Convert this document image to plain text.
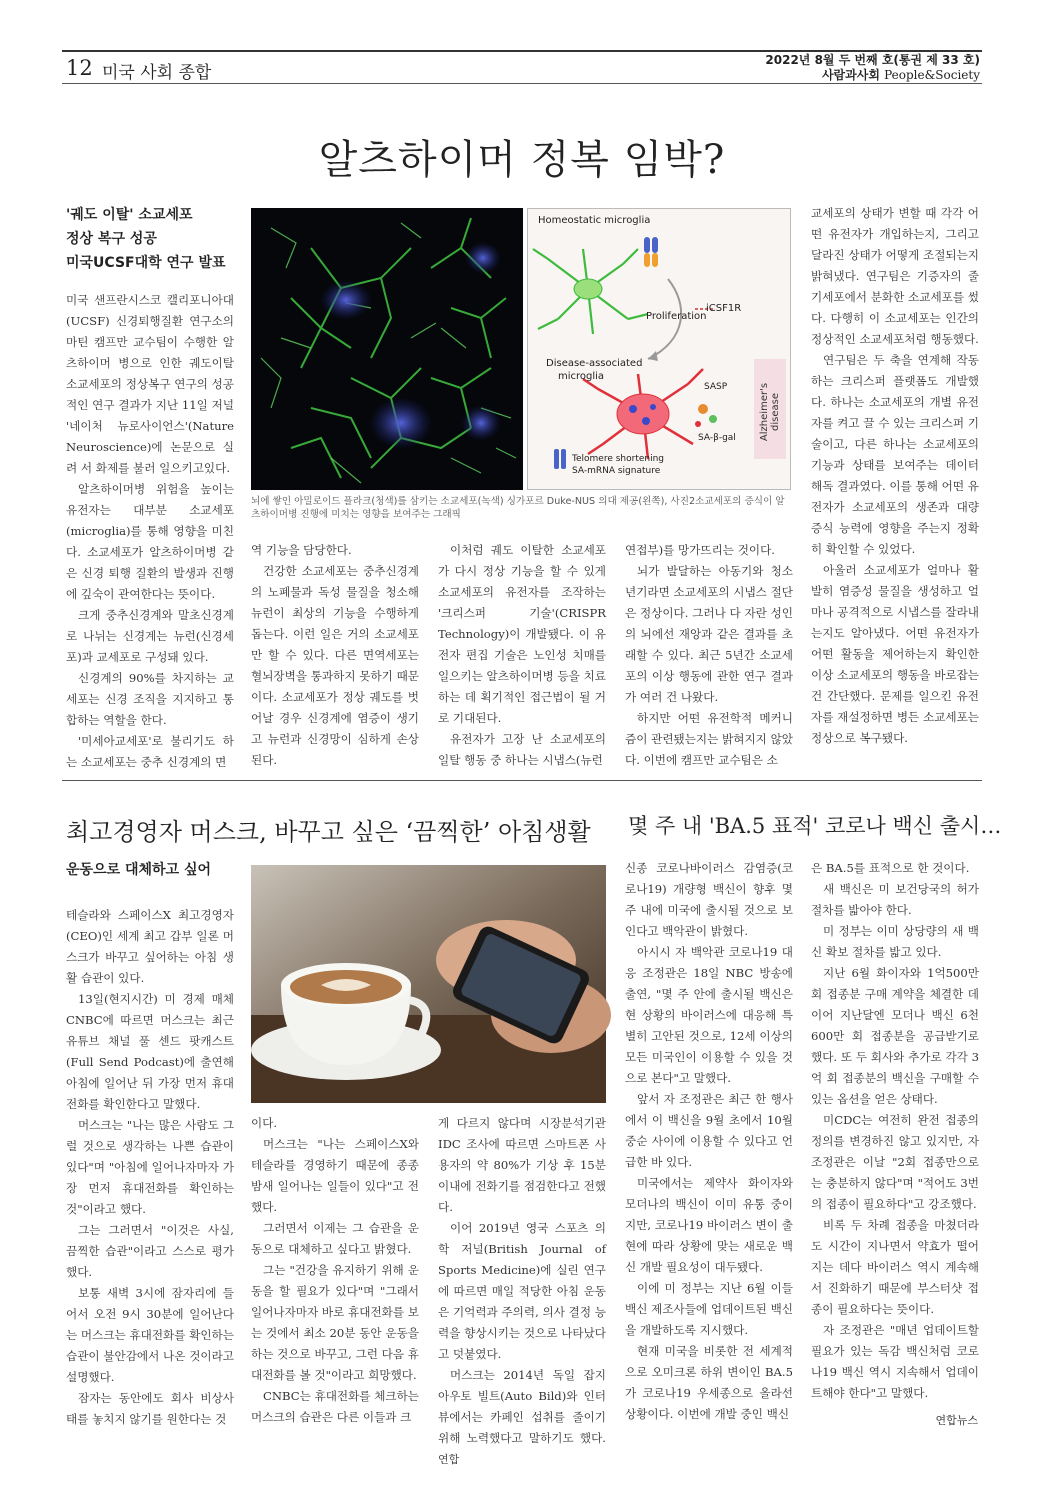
12 미국 사회 종합
2022년 8월 두 번째 호(통권 제 33 호)
사람과사회 People&Society
알츠하이머 정복 임박?
'궤도 이탈' 소교세포
정상 복구 성공
미국UCSF대학 연구 발표

미국 샌프란시스코 캘리포니아대(UCSF) 신경퇴행질환 연구소의 마틴 캠프만 교수팀이 수행한 알츠하이머 병으로 인한 궤도이탈 소교세포의 정상복구 연구의 성공 적인 연구 결과가 지난 11일 저널 '네이처 뉴로사이언스'(Nature Neuroscience)에 논문으로 실려 서 화제를 불러 일으키고있다.

알츠하이머병 위험을 높이는 유전자는 대부분 소교세포(microglia)를 통해 영향을 미친다. 소교세포가 알츠하이머병 같은 신경 퇴행 질환의 발생과 진행에 깊숙이 관여한다는 뜻이다.

크게 중추신경계와 말초신경계로 나뉘는 신경계는 뉴런(신경세포)과 교세포로 구성돼 있다.

신경계의 90%를 차지하는 교세포는 신경 조직을 지지하고 통합하는 역할을 한다.

'미세아교세포'로 불리기도 하는 소교세포는 중추 신경계의 면

Homeostatic microglia
iCSF1R
Proliferation
Disease-associated
microglia
SASP
SA-β-gal
Telomere shortening
SA-mRNA signature
Alzheimer's disease
뇌에 쌓인 아밀로이드 플라크(청색)를 삼키는 소교세포(녹색) 싱가포르 Duke-NUS 의대 제공(왼쪽), 사진2소교세포의 증식이 알츠하이머병 진행에 미치는 영향을 보여주는 그래픽

역 기능을 담당한다.

건강한 소교세포는 중추신경계의 노폐물과 독성 물질을 청소해 뉴런이 최상의 기능을 수행하게 돕는다. 이런 일은 거의 소교세포만 할 수 있다. 다른 면역세포는 혈뇌장벽을 통과하지 못하기 때문이다. 소교세포가 정상 궤도를 벗어날 경우 신경계에 염증이 생기고 뉴런과 신경망이 심하게 손상된다.

이처럼 궤도 이탈한 소교세포가 다시 정상 기능을 할 수 있게 소교세포의 유전자를 조작하는 '크리스퍼 기술'(CRISPR Technology)이 개발됐다. 이 유전자 편집 기술은 노인성 치매를 일으키는 알츠하이머병 등을 치료하는 데 획기적인 접근법이 될 거로 기대된다.

유전자가 고장 난 소교세포의 일탈 행동 중 하나는 시냅스(뉴런

연접부)를 망가뜨리는 것이다.

뇌가 발달하는 아동기와 청소년기라면 소교세포의 시냅스 절단은 정상이다. 그러나 다 자란 성인의 뇌에선 재앙과 같은 결과를 초래할 수 있다. 최근 5년간 소교세포의 이상 행동에 관한 연구 결과가 여러 건 나왔다.

하지만 어떤 유전학적 메커니즘이 관련됐는지는 밝혀지지 않았다. 이번에 캠프만 교수팀은 소

교세포의 상태가 변할 때 각각 어떤 유전자가 개입하는지, 그리고 달라진 상태가 어떻게 조절되는지 밝혀냈다. 연구팀은 기증자의 줄기세포에서 분화한 소교세포를 썼다. 다행히 이 소교세포는 인간의 정상적인 소교세포처럼 행동했다.

연구팀은 두 축을 연계해 작동하는 크리스퍼 플랫폼도 개발했다. 하나는 소교세포의 개별 유전자를 켜고 끌 수 있는 크리스퍼 기술이고, 다른 하나는 소교세포의 기능과 상태를 보여주는 데이터 해독 결과였다. 이를 통해 어떤 유전자가 소교세포의 생존과 대량 증식 능력에 영향을 주는지 정확히 확인할 수 있었다.

아울러 소교세포가 얼마나 활발히 염증성 물질을 생성하고 얼마나 공격적으로 시냅스를 잘라내는지도 알아냈다. 어떤 유전자가 어떤 활동을 제어하는지 확인한 이상 소교세포의 행동을 바로잡는 건 간단했다. 문제를 일으킨 유전자를 재설정하면 병든 소교세포는 정상으로 복구됐다.

최고경영자 머스크, 바꾸고 싶은 ‘끔찍한’ 아침생활
운동으로 대체하고 싶어

테슬라와 스페이스X 최고경영자(CEO)인 세계 최고 갑부 일론 머스크가 바꾸고 싶어하는 아침 생활 습관이 있다.

13일(현지시간) 미 경제 매체 CNBC에 따르면 머스크는 최근 유튜브 채널 풀 센드 팟캐스트(Full Send Podcast)에 출연해 아침에 일어난 뒤 가장 먼저 휴대전화를 확인한다고 말했다.

머스크는 "나는 많은 사람도 그럴 것으로 생각하는 나쁜 습관이 있다"며 "아침에 일어나자마자 가장 먼저 휴대전화를 확인하는 것"이라고 했다.

그는 그러면서 "이것은 사실, 끔찍한 습관"이라고 스스로 평가했다.

보통 새벽 3시에 잠자리에 들어서 오전 9시 30분에 일어난다는 머스크는 휴대전화를 확인하는 습관이 불안감에서 나온 것이라고 설명했다.

잠자는 동안에도 회사 비상사태를 놓치지 않기를 원한다는 것

이다.

머스크는 "나는 스페이스X와 테슬라를 경영하기 때문에 종종 밤새 일어나는 일들이 있다"고 전했다.

그러면서 이제는 그 습관을 운동으로 대체하고 싶다고 밝혔다.

그는 "건강을 유지하기 위해 운동을 할 필요가 있다"며 "그래서 일어나자마자 바로 휴대전화를 보는 것에서 최소 20분 동안 운동을 하는 것으로 바꾸고, 그런 다음 휴대전화를 볼 것"이라고 희망했다.

CNBC는 휴대전화를 체크하는 머스크의 습관은 다른 이들과 크

게 다르지 않다며 시장분석기관 IDC 조사에 따르면 스마트폰 사용자의 약 80%가 기상 후 15분 이내에 전화기를 점검한다고 전했다.

이어 2019년 영국 스포츠 의학 저널(British Journal of Sports Medicine)에 실린 연구에 따르면 매일 적당한 아침 운동은 기억력과 주의력, 의사 결정 능력을 향상시키는 것으로 나타났다고 덧붙였다.

머스크는 2014년 독일 잡지 아우토 빌트(Auto Bild)와 인터뷰에서는 카페인 섭취를 줄이기 위해 노력했다고 말하기도 했다. 연합

몇 주 내 'BA.5 표적' 코로나 백신 출시…

신종 코로나바이러스 감염증(코로나19) 개량형 백신이 향후 몇 주 내에 미국에 출시될 것으로 보인다고 백악관이 밝혔다.

아시시 자 백악관 코로나19 대응 조정관은 18일 NBC 방송에 출연, "몇 주 안에 출시될 백신은 현 상황의 바이러스에 대응해 특별히 고안된 것으로, 12세 이상의 모든 미국인이 이용할 수 있을 것으로 본다"고 말했다.

앞서 자 조정관은 최근 한 행사에서 이 백신을 9월 초에서 10월 중순 사이에 이용할 수 있다고 언급한 바 있다.

미국에서는 제약사 화이자와 모더나의 백신이 이미 유통 중이지만, 코로나19 바이러스 변이 출현에 따라 상황에 맞는 새로운 백신 개발 필요성이 대두됐다.

이에 미 정부는 지난 6월 이들 백신 제조사들에 업데이트된 백신을 개발하도록 지시했다.

현재 미국을 비롯한 전 세계적으로 오미크론 하위 변이인 BA.5가 코로나19 우세종으로 올라선 상황이다. 이번에 개발 중인 백신

은 BA.5를 표적으로 한 것이다.

새 백신은 미 보건당국의 허가 절차를 밟아야 한다.

미 정부는 이미 상당량의 새 백신 확보 절차를 밟고 있다.

지난 6월 화이자와 1억500만 회 접종분 구매 계약을 체결한 데 이어 지난달엔 모더나 백신 6천600만 회 접종분을 공급받기로 했다. 또 두 회사와 추가로 각각 3억 회 접종분의 백신을 구매할 수 있는 옵션을 얻은 상태다.

미CDC는 여전히 완전 접종의 정의를 변경하진 않고 있지만, 자 조정관은 이날 "2회 접종만으로는 충분하지 않다"며 "적어도 3번의 접종이 필요하다"고 강조했다.

비록 두 차례 접종을 마쳤더라도 시간이 지나면서 약효가 떨어지는 데다 바이러스 역시 계속해서 진화하기 때문에 부스터샷 접종이 필요하다는 뜻이다.

자 조정관은 "매년 업데이트할 필요가 있는 독감 백신처럼 코로나19 백신 역시 지속해서 업데이트해야 한다"고 말했다.

연합뉴스
